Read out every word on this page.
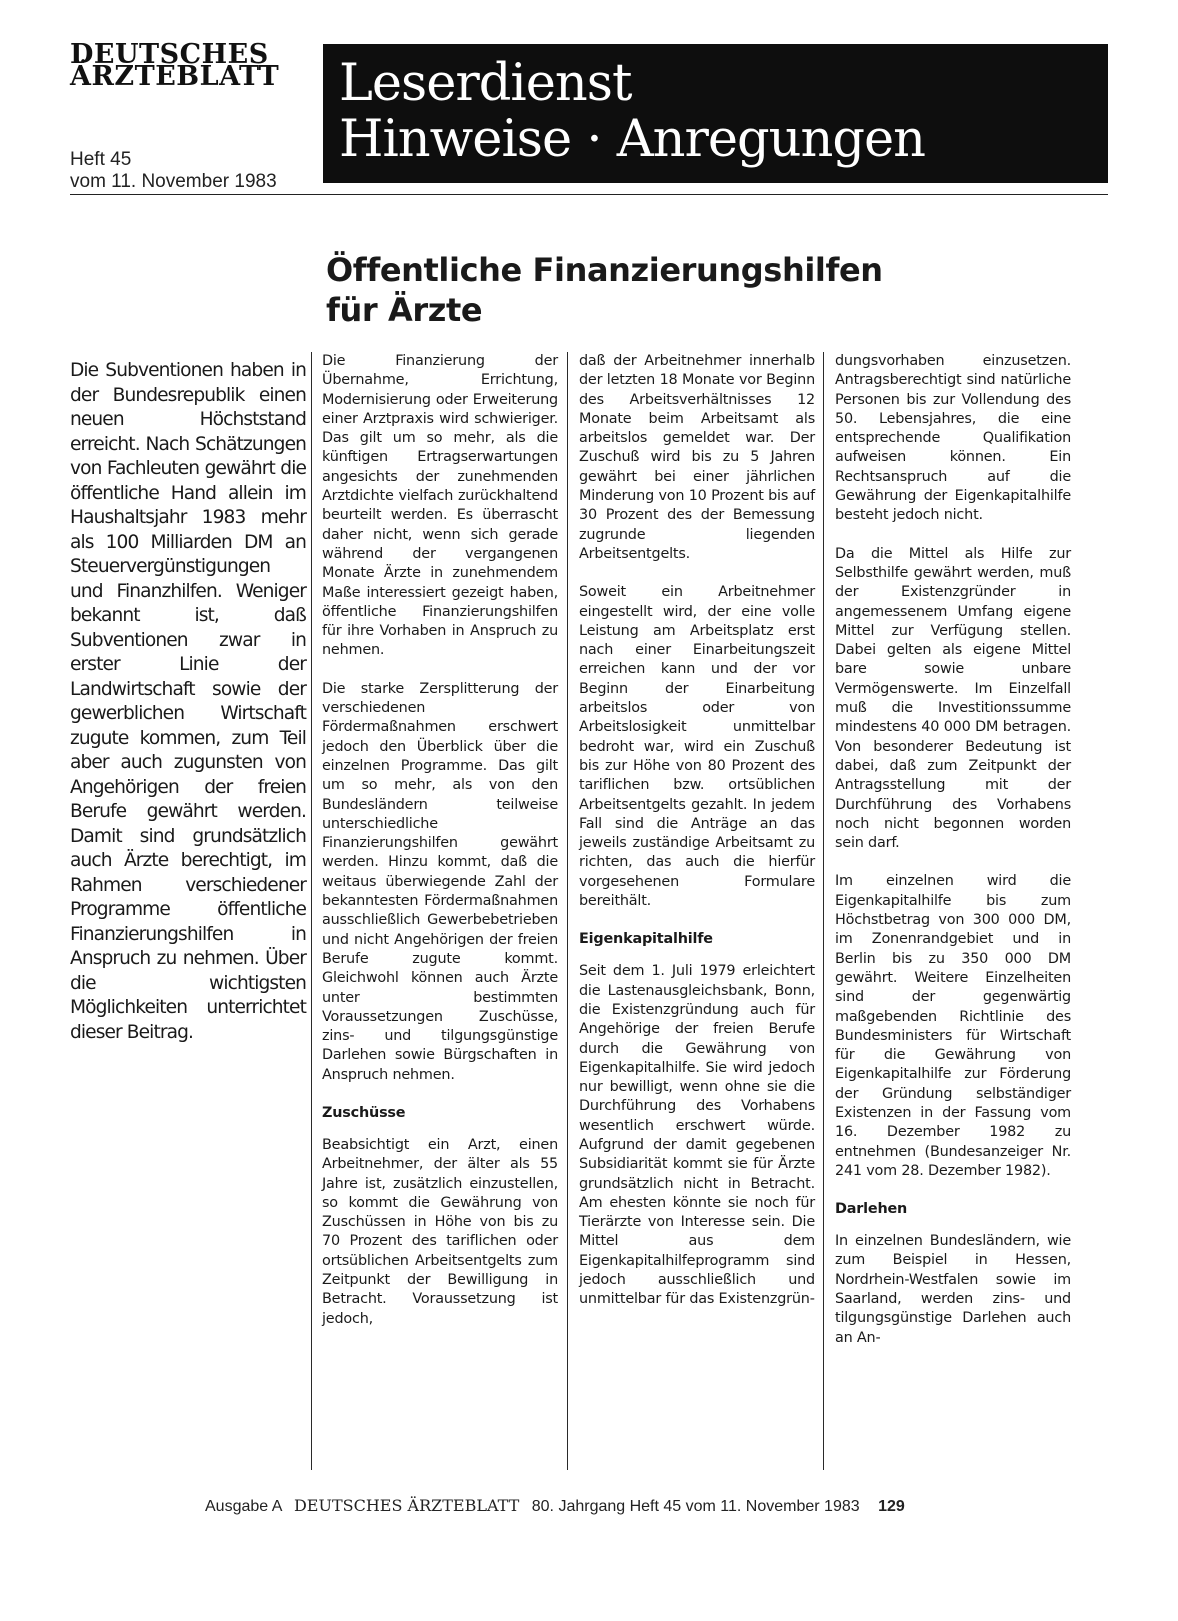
DEUTSCHES
ÄRZTEBLATT
Heft 45
vom 11. November 1983
Leserdienst
Hinweise · Anregungen
Öffentliche Finanzierungshilfen
für Ärzte

Die Subventionen haben in der Bundesrepublik einen neuen Höchststand erreicht. Nach Schätzungen von Fachleuten gewährt die öffentliche Hand allein im Haushaltsjahr 1983 mehr als 100 Milliarden DM an Steuervergünstigungen und Finanzhilfen. Weniger bekannt ist, daß Subventionen zwar in erster Linie der Landwirtschaft sowie der gewerblichen Wirtschaft zugute kommen, zum Teil aber auch zugunsten von Angehörigen der freien Berufe gewährt werden. Damit sind grundsätzlich auch Ärzte berechtigt, im Rahmen verschiedener Programme öffentliche Finanzierungshilfen in Anspruch zu nehmen. Über die wichtigsten Möglichkeiten unterrichtet dieser Beitrag.

Die Finanzierung der Übernahme, Errichtung, Modernisierung oder Erweiterung einer Arztpraxis wird schwieriger. Das gilt um so mehr, als die künftigen Ertragserwartungen angesichts der zunehmenden Arztdichte vielfach zurückhaltend beurteilt werden. Es überrascht daher nicht, wenn sich gerade während der vergangenen Monate Ärzte in zunehmendem Maße interessiert gezeigt haben, öffentliche Finanzierungshilfen für ihre Vorhaben in Anspruch zu nehmen.

Die starke Zersplitterung der verschiedenen Fördermaßnahmen erschwert jedoch den Überblick über die einzelnen Programme. Das gilt um so mehr, als von den Bundesländern teilweise unterschiedliche Finanzierungshilfen gewährt werden. Hinzu kommt, daß die weitaus überwiegende Zahl der bekanntesten Fördermaßnahmen ausschließlich Gewerbebetrieben und nicht Angehörigen der freien Berufe zugute kommt. Gleichwohl können auch Ärzte unter bestimmten Voraussetzungen Zuschüsse, zins- und tilgungsgünstige Darlehen sowie Bürgschaften in Anspruch nehmen.

Zuschüsse

Beabsichtigt ein Arzt, einen Arbeitnehmer, der älter als 55 Jahre ist, zusätzlich einzustellen, so kommt die Gewährung von Zuschüssen in Höhe von bis zu 70 Prozent des tariflichen oder ortsüblichen Arbeitsentgelts zum Zeitpunkt der Bewilligung in Betracht. Voraussetzung ist jedoch,

daß der Arbeitnehmer innerhalb der letzten 18 Monate vor Beginn des Arbeitsverhältnisses 12 Monate beim Arbeitsamt als arbeitslos gemeldet war. Der Zuschuß wird bis zu 5 Jahren gewährt bei einer jährlichen Minderung von 10 Prozent bis auf 30 Prozent des der Bemessung zugrunde liegenden Arbeitsentgelts.

Soweit ein Arbeitnehmer eingestellt wird, der eine volle Leistung am Arbeitsplatz erst nach einer Einarbeitungszeit erreichen kann und der vor Beginn der Einarbeitung arbeitslos oder von Arbeitslosigkeit unmittelbar bedroht war, wird ein Zuschuß bis zur Höhe von 80 Prozent des tariflichen bzw. ortsüblichen Arbeitsentgelts gezahlt. In jedem Fall sind die Anträge an das jeweils zuständige Arbeitsamt zu richten, das auch die hierfür vorgesehenen Formulare bereithält.

Eigenkapitalhilfe

Seit dem 1. Juli 1979 erleichtert die Lastenausgleichsbank, Bonn, die Existenzgründung auch für Angehörige der freien Berufe durch die Gewährung von Eigenkapitalhilfe. Sie wird jedoch nur bewilligt, wenn ohne sie die Durchführung des Vorhabens wesentlich erschwert würde. Aufgrund der damit gegebenen Subsidiarität kommt sie für Ärzte grundsätzlich nicht in Betracht. Am ehesten könnte sie noch für Tierärzte von Interesse sein. Die Mittel aus dem Eigenkapitalhilfeprogramm sind jedoch ausschließlich und unmittelbar für das Existenzgrün-

dungsvorhaben einzusetzen. Antragsberechtigt sind natürliche Personen bis zur Vollendung des 50. Lebensjahres, die eine entsprechende Qualifikation aufweisen können. Ein Rechtsanspruch auf die Gewährung der Eigenkapitalhilfe besteht jedoch nicht.

Da die Mittel als Hilfe zur Selbsthilfe gewährt werden, muß der Existenzgründer in angemessenem Umfang eigene Mittel zur Verfügung stellen. Dabei gelten als eigene Mittel bare sowie unbare Vermögenswerte. Im Einzelfall muß die Investitionssumme mindestens 40 000 DM betragen. Von besonderer Bedeutung ist dabei, daß zum Zeitpunkt der Antragsstellung mit der Durchführung des Vorhabens noch nicht begonnen worden sein darf.

Im einzelnen wird die Eigenkapitalhilfe bis zum Höchstbetrag von 300 000 DM, im Zonenrandgebiet und in Berlin bis zu 350 000 DM gewährt. Weitere Einzelheiten sind der gegenwärtig maßgebenden Richtlinie des Bundesministers für Wirtschaft für die Gewährung von Eigenkapitalhilfe zur Förderung der Gründung selbständiger Existenzen in der Fassung vom 16. Dezember 1982 zu entnehmen (Bundesanzeiger Nr. 241 vom 28. Dezember 1982).

Darlehen

In einzelnen Bundesländern, wie zum Beispiel in Hessen, Nordrhein-Westfalen sowie im Saarland, werden zins- und tilgungsgünstige Darlehen auch an An-

Ausgabe A DEUTSCHES ÄRZTEBLATT 80. Jahrgang Heft 45 vom 11. November 1983 129
